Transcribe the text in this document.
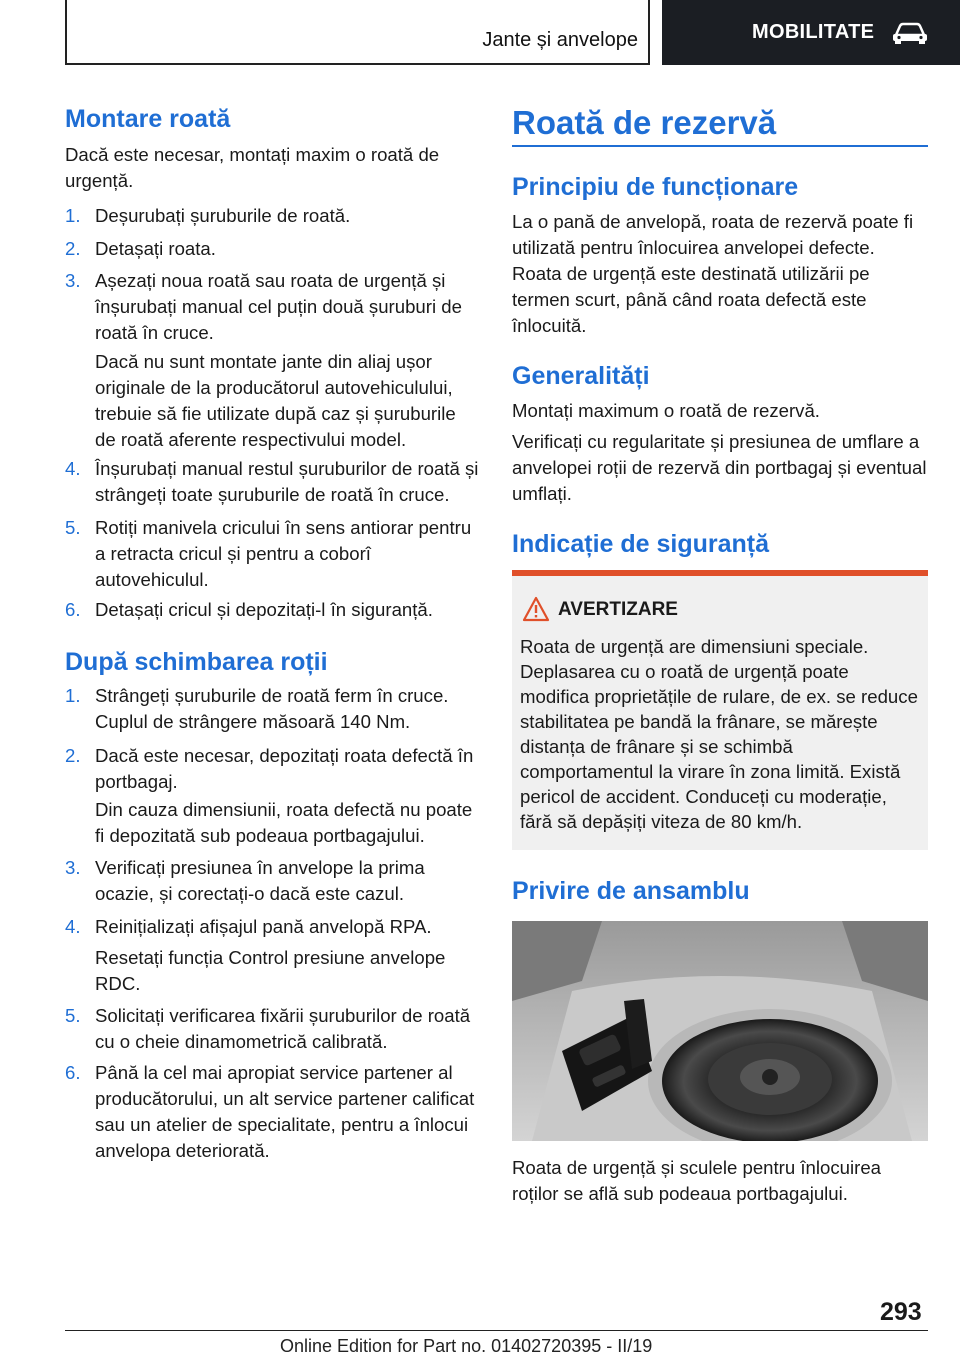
Jante și anvelope	MOBILITATE
Montare roată

Dacă este necesar, montați maxim o roată de urgență.

1. Deșurubați șuruburile de roată.
2. Detașați roata.
3. Așezați noua roată sau roata de urgență și înșurubați manual cel puțin două șuruburi de roată în cruce.
Dacă nu sunt montate jante din aliaj ușor originale de la producătorul autovehiculului, trebuie să fie utilizate după caz și șuruburile de roată aferente respectivului model.
4. Înșurubați manual restul șuruburilor de roată și strângeți toate șuruburile de roată în cruce.
5. Rotiți manivela cricului în sens antiorar pentru a retracta cricul și pentru a coborî autovehiculul.
6. Detașați cricul și depozitați-l în siguranță.
După schimbarea roții
1. Strângeți șuruburile de roată ferm în cruce. Cuplul de strângere măsoară 140 Nm.
2. Dacă este necesar, depozitați roata defectă în portbagaj.
Din cauza dimensiunii, roata defectă nu poate fi depozitată sub podeaua portbagajului.
3. Verificați presiunea în anvelope la prima ocazie, și corectați-o dacă este cazul.
4. Reinițializați afișajul pană anvelopă RPA.
Resetați funcția Control presiune anvelope RDC.
5. Solicitați verificarea fixării șuruburilor de roată cu o cheie dinamometrică calibrată.
6. Până la cel mai apropiat service partener al producătorului, un alt service partener calificat sau un atelier de specialitate, pentru a înlocui anvelopa deteriorată.
Roată de rezervă
Principiu de funcționare

La o pană de anvelopă, roata de rezervă poate fi utilizată pentru înlocuirea anvelopei defecte. Roata de urgență este destinată utilizării pe termen scurt, până când roata defectă este înlocuită.

Generalități

Montați maximum o roată de rezervă.

Verificați cu regularitate și presiunea de umflare a anvelopei roții de rezervă din portbagaj și eventual umflați.

Indicație de siguranță
AVERTIZARE
Roata de urgență are dimensiuni speciale. Deplasarea cu o roată de urgență poate modifica proprietățile de rulare, de ex. se reduce stabilitatea pe bandă la frânare, se mărește distanța de frânare și se schimbă comportamentul la virare în zona limită. Există pericol de accident. Conduceți cu moderație, fără să depășiți viteza de 80 km/h.
Privire de ansamblu
Roata de urgență și sculele pentru înlocuirea roților se află sub podeaua portbagajului.
293
Online Edition for Part no. 01402720395 - II/19
